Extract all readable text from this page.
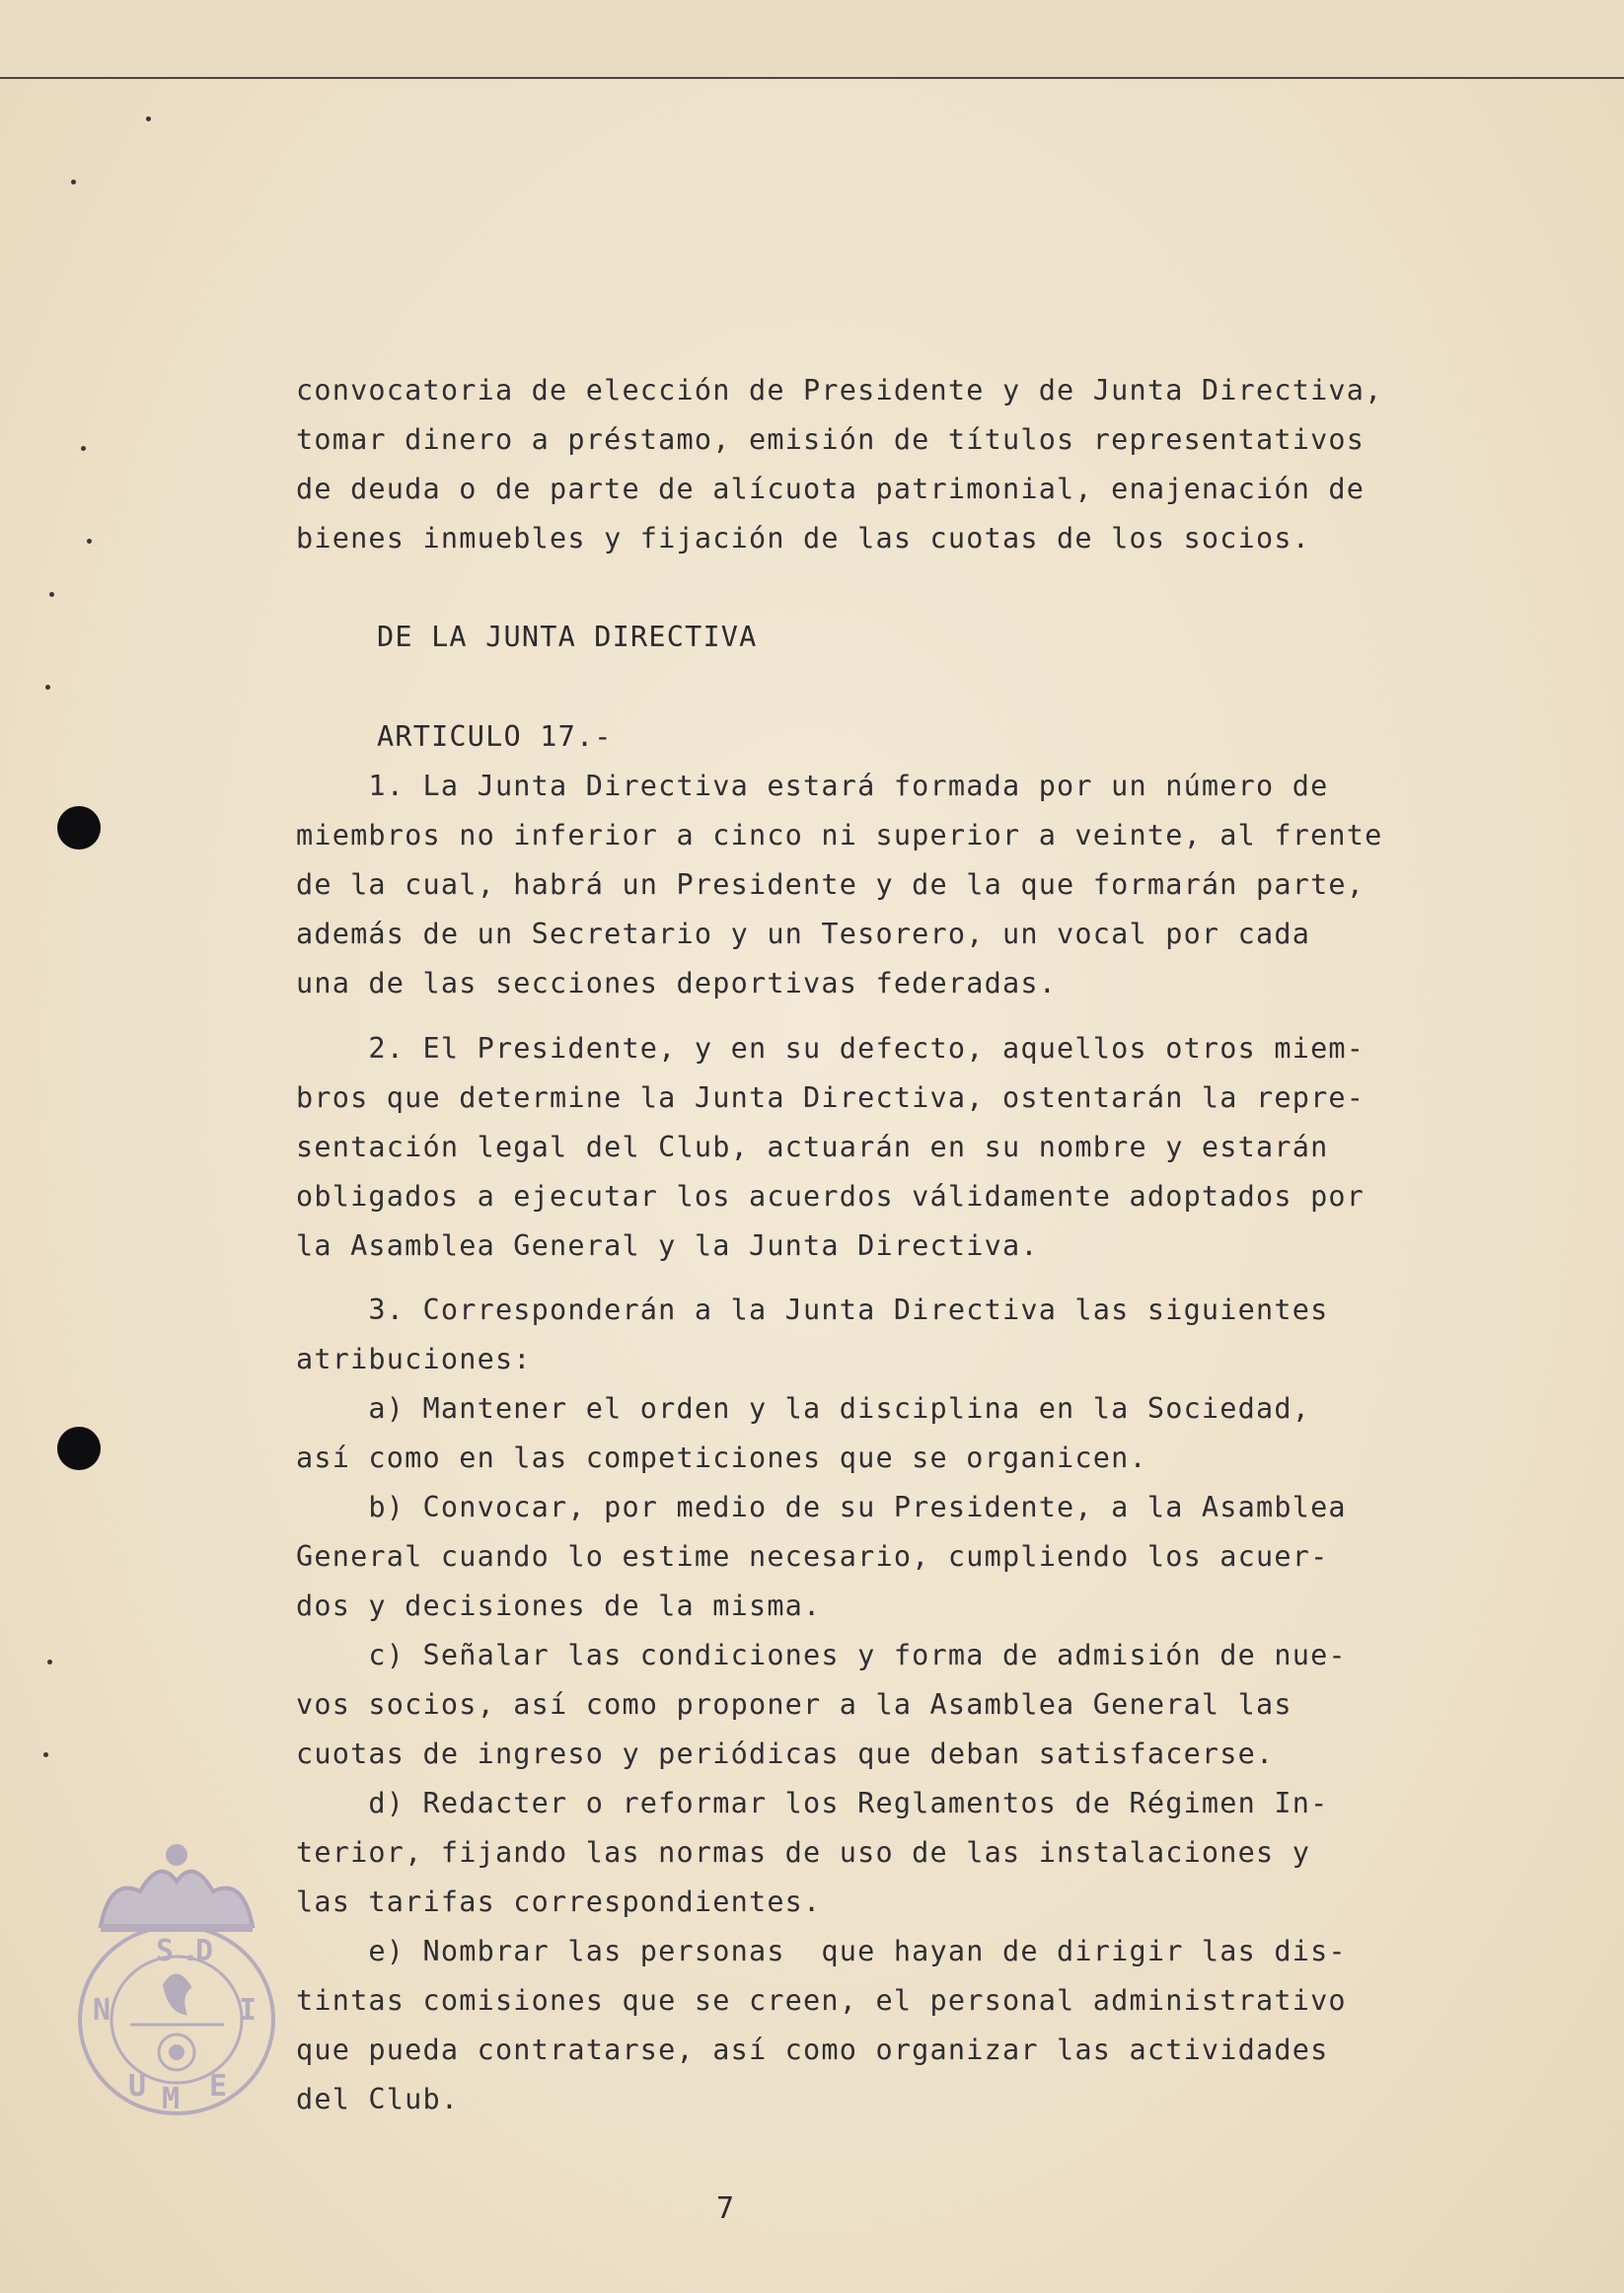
convocatoria de elección de Presidente y de Junta Directiva,
tomar dinero a préstamo, emisión de títulos representativos
de deuda o de parte de alícuota patrimonial, enajenación de
bienes inmuebles y fijación de las cuotas de los socios.
DE LA JUNTA DIRECTIVA
ARTICULO 17.-
1. La Junta Directiva estará formada por un número de
miembros no inferior a cinco ni superior a veinte, al frente
de la cual, habrá un Presidente y de la que formarán parte,
además de un Secretario y un Tesorero, un vocal por cada
una de las secciones deportivas federadas.
2. El Presidente, y en su defecto, aquellos otros miem-
bros que determine la Junta Directiva, ostentarán la repre-
sentación legal del Club, actuarán en su nombre y estarán
obligados a ejecutar los acuerdos válidamente adoptados por
la Asamblea General y la Junta Directiva.
3. Corresponderán a la Junta Directiva las siguientes
atribuciones:
a) Mantener el orden y la disciplina en la Sociedad,
así como en las competiciones que se organicen.
b) Convocar, por medio de su Presidente, a la Asamblea
General cuando lo estime necesario, cumpliendo los acuer-
dos y decisiones de la misma.
c) Señalar las condiciones y forma de admisión de nue-
vos socios, así como proponer a la Asamblea General las
cuotas de ingreso y periódicas que deban satisfacerse.
d) Redacter o reformar los Reglamentos de Régimen In-
terior, fijando las normas de uso de las instalaciones y
las tarifas correspondientes.
e) Nombrar las personas  que hayan de dirigir las dis-
tintas comisiones que se creen, el personal administrativo
que pueda contratarse, así como organizar las actividades
del Club.
S .
D
N	I
M
U E
7
